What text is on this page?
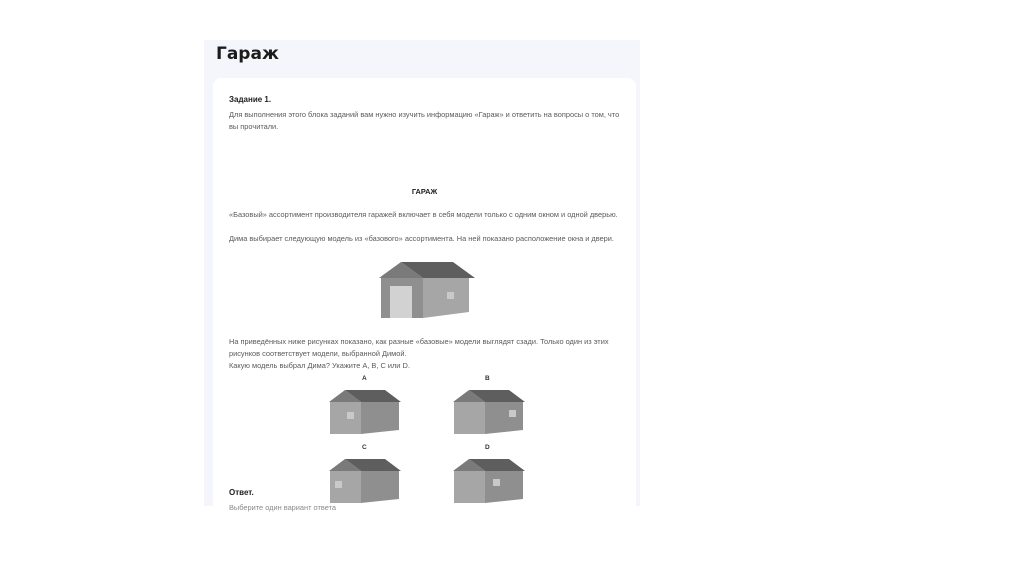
Гараж
Задание 1.

Для выполнения этого блока заданий вам нужно изучить информацию «Гараж» и ответить на вопросы о том, что вы прочитали.

ГАРАЖ

«Базовый» ассортимент производителя гаражей включает в себя модели только с одним окном и одной дверью.

Дима выбирает следующую модель из «базового» ассортимента. На ней показано расположение окна и двери.

На приведённых ниже рисунках показано, как разные «базовые» модели выглядят сзади. Только один из этих рисунков соответствует модели, выбранной Димой.

Какую модель выбрал Дима? Укажите A, B, C или D.

A	B
C	D
Ответ.
Выберите один вариант ответа
